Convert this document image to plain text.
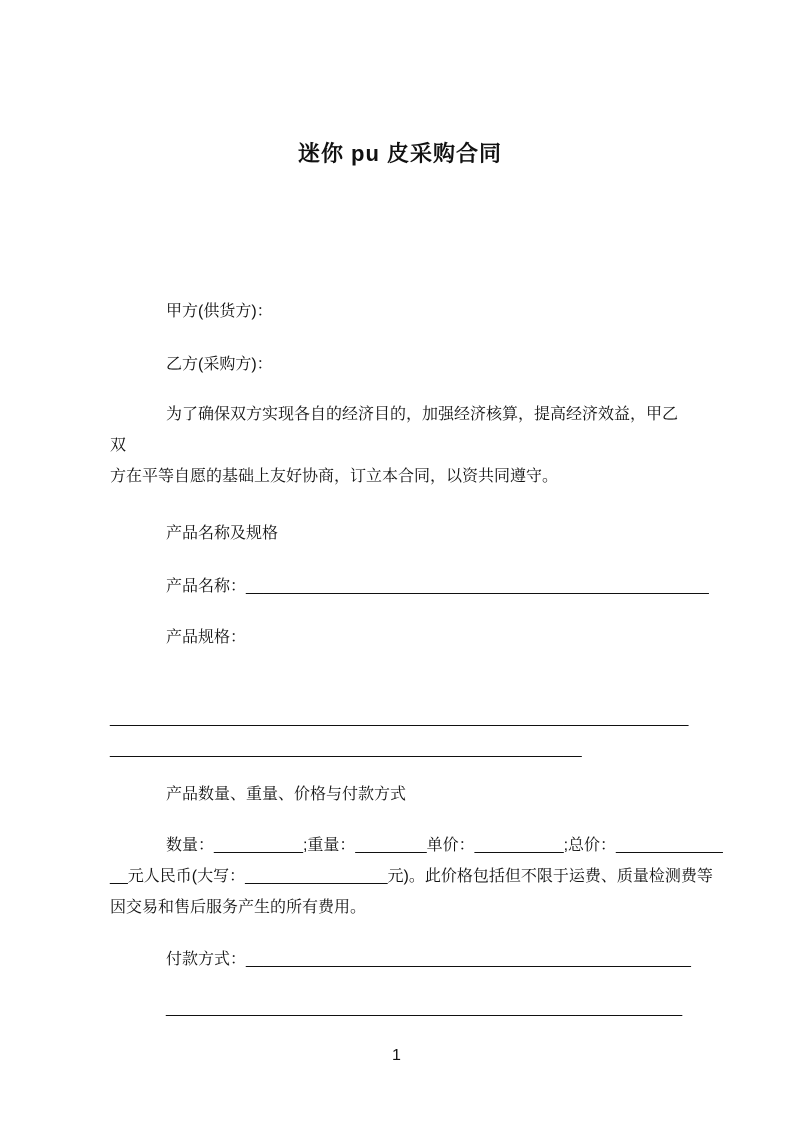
迷你 pu 皮采购合同

甲方(供货方)：

乙方(采购方)：

为了确保双方实现各自的经济目的，加强经济核算，提高经济效益，甲乙双
方在平等自愿的基础上友好协商，订立本合同，以资共同遵守。

产品名称及规格

产品名称：____________________________________________________

产品规格：

_________________________________________________________________
_____________________________________________________

产品数量、重量、价格与付款方式

数量：__________;重量：________单价：__________;总价：____________
__元人民币(大写：________________元)。此价格包括但不限于运费、质量检测费等
因交易和售后服务产生的所有费用。

付款方式：__________________________________________________

__________________________________________________________

1
